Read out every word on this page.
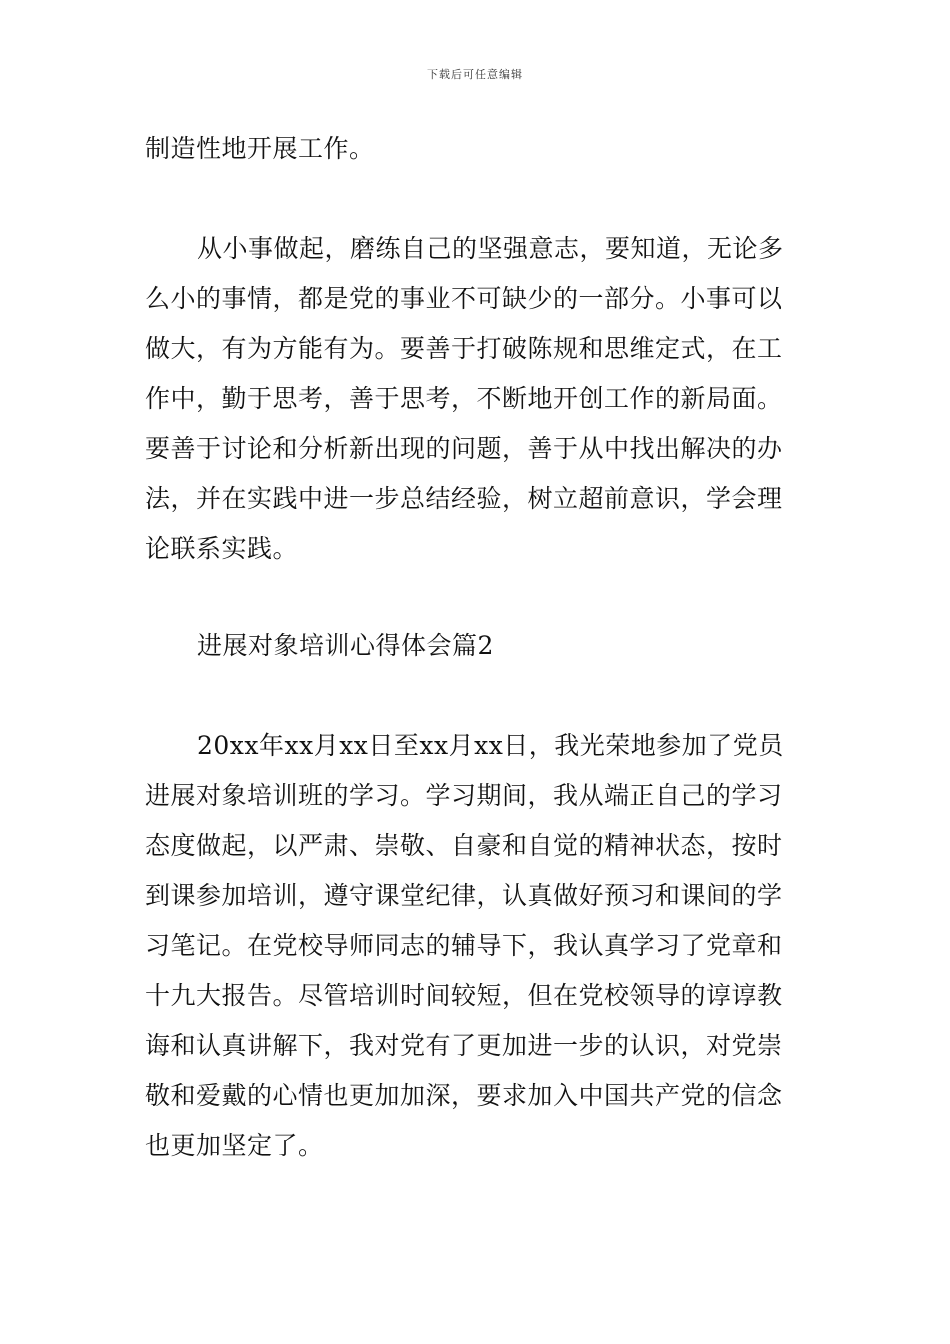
下载后可任意编辑
制造性地开展工作。
从小事做起，磨练自己的坚强意志，要知道，无论多
么小的事情，都是党的事业不可缺少的一部分。小事可以
做大，有为方能有为。要善于打破陈规和思维定式，在工
作中，勤于思考，善于思考，不断地开创工作的新局面。
要善于讨论和分析新出现的问题，善于从中找出解决的办
法，并在实践中进一步总结经验，树立超前意识，学会理
论联系实践。
进展对象培训心得体会篇2
20xx年xx月xx日至xx月xx日，我光荣地参加了党员
进展对象培训班的学习。学习期间，我从端正自己的学习
态度做起，以严肃、崇敬、自豪和自觉的精神状态，按时
到课参加培训，遵守课堂纪律，认真做好预习和课间的学
习笔记。在党校导师同志的辅导下，我认真学习了党章和
十九大报告。尽管培训时间较短，但在党校领导的谆谆教
诲和认真讲解下，我对党有了更加进一步的认识，对党崇
敬和爱戴的心情也更加加深，要求加入中国共产党的信念
也更加坚定了。
